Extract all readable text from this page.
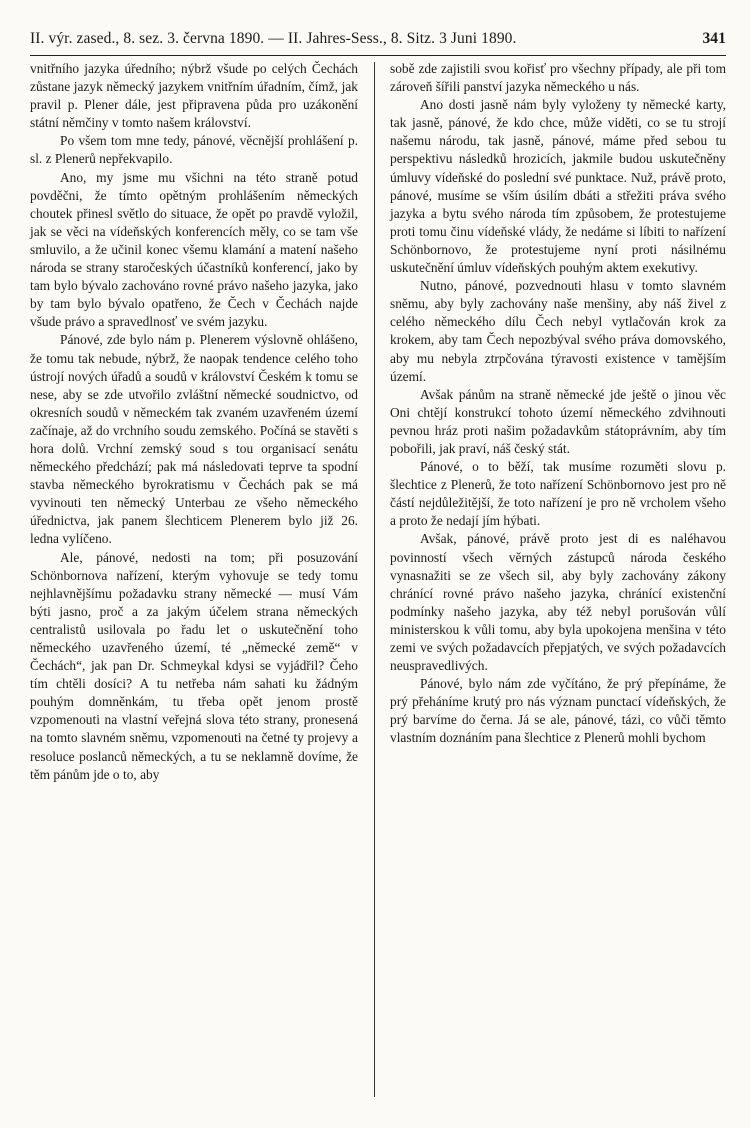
II. výr. zased., 8. sez. 3. června 1890. — II. Jahres-Sess., 8. Sitz. 3 Juni 1890.	341

vnitřního jazyka úředního; nýbrž všude po celých Čechách zůstane jazyk německý jazykem vnitřním úřadním, čímž, jak pravil p. Plener dále, jest připravena půda pro uzákonění státní němčiny v tomto našem království.

Po všem tom mne tedy, pánové, věcnější prohlášení p. sl. z Plenerů nepřekvapilo.

Ano, my jsme mu všichni na této straně potud povděčni, že tímto opětným prohlášením německých choutek přinesl světlo do situace, že opět po pravdě vyložil, jak se věci na vídeňských konferencích měly, co se tam vše smluvilo, a že učinil konec všemu klamání a matení našeho národa se strany staročeských účastníků konferencí, jako by tam bylo bývalo zachováno rovné právo našeho jazyka, jako by tam bylo bývalo opatřeno, že Čech v Čechách najde všude právo a spravedlnosť ve svém jazyku.

Pánové, zde bylo nám p. Plenerem výslovně ohlášeno, že tomu tak nebude, nýbrž, že naopak tendence celého toho ústrojí nových úřadů a soudů v království Českém k tomu se nese, aby se zde utvořilo zvláštní německé soudnictvo, od okresních soudů v německém tak zvaném uzavřeném území začínaje, až do vrchního soudu zemského. Počíná se stavěti s hora dolů. Vrchní zemský soud s tou organisací senátu německého předchází; pak má následovati teprve ta spodní stavba německého byrokratismu v Čechách pak se má vyvinouti ten německý Unterbau ze všeho německého úřednictva, jak panem šlechticem Plenerem bylo již 26. ledna vylíčeno.

Ale, pánové, nedosti na tom; při posuzování Schönbornova nařízení, kterým vyhovuje se tedy tomu nejhlavnějšímu požadavku strany německé — musí Vám býti jasno, proč a za jakým účelem strana německých centralistů usilovala po řadu let o uskutečnění toho německého uzavřeného území, té „německé země“ v Čechách“, jak pan Dr. Schmeykal kdysi se vyjádřil? Čeho tím chtěli dosíci? A tu netřeba nám sahati ku žádným pouhým domněnkám, tu třeba opět jenom prostě vzpomenouti na vlastní veřejná slova této strany, pronesená na tomto slavném sněmu, vzpomenouti na četné ty projevy a resoluce poslanců německých, a tu se neklamně dovíme, že těm pánům jde o to, aby

sobě zde zajistili svou kořisť pro všechny případy, ale při tom zároveň šířili panství jazyka německého u nás.

Ano dosti jasně nám byly vyloženy ty německé karty, tak jasně, pánové, že kdo chce, může viděti, co se tu strojí našemu národu, tak jasně, pánové, máme před sebou tu perspektivu následků hrozicích, jakmile budou uskutečněny úmluvy vídeňské do poslední své punktace. Nuž, právě proto, pánové, musíme se vším úsilím dbáti a střežiti práva svého jazyka a bytu svého národa tím způsobem, že protestujeme proti tomu činu vídeňské vlády, že nedáme si líbiti to nařízení Schönbornovo, že protestujeme nyní proti násilnému uskutečnění úmluv vídeňských pouhým aktem exekutivy.

Nutno, pánové, pozvednouti hlasu v tomto slavném sněmu, aby byly zachovány naše menšiny, aby náš živel z celého německého dílu Čech nebyl vytlačován krok za krokem, aby tam Čech nepozbýval svého práva domovského, aby mu nebyla ztrpčována týravosti existence v tamějším území.

Avšak pánům na straně německé jde ještě o jinou věc Oni chtějí konstrukcí tohoto území německého zdvihnouti pevnou hráz proti našim požadavkům státoprávním, aby tím pobořili, jak praví, náš český stát.

Pánové, o to běží, tak musíme rozuměti slovu p. šlechtice z Plenerů, že toto nařízení Schönbornovo jest pro ně částí nejdůležitější, že toto nařízení je pro ně vrcholem všeho a proto že nedají jím hýbati.

Avšak, pánové, právě proto jest di es naléhavou povinností všech věrných zástupců národa českého vynasnažiti se ze všech sil, aby byly zachovány zákony chránící rovné právo našeho jazyka, chránící existenční podmínky našeho jazyka, aby též nebyl porušován vůlí ministerskou k vůli tomu, aby byla upokojena menšina v této zemi ve svých požadavcích přepjatých, ve svých požadavcích neuspravedlivých.

Pánové, bylo nám zde vyčítáno, že prý přepínáme, že prý přeháníme krutý pro nás význam punctací vídeňských, že prý barvíme do černa. Já se ale, pánové, tázi, co vůči těmto vlastním doznáním pana šlechtice z Plenerů mohli bychom
